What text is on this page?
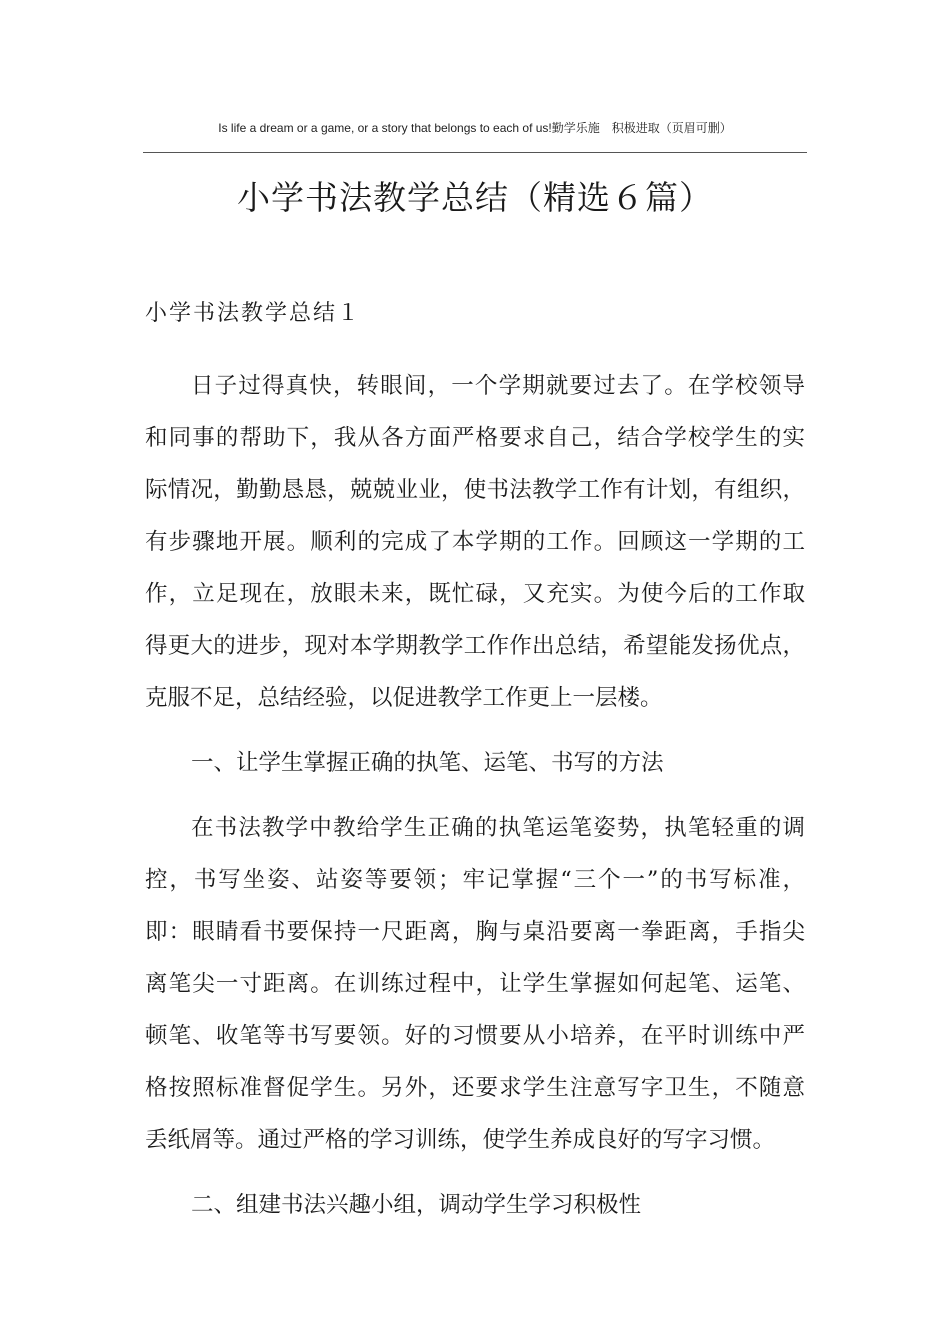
Is life a dream or a game, or a story that belongs to each of us!勤学乐施　积极进取（页眉可删）
小学书法教学总结（精选６篇）
小学书法教学总结１
日子过得真快，转眼间，一个学期就要过去了。在学校领导
和同事的帮助下，我从各方面严格要求自己，结合学校学生的实
际情况，勤勤恳恳，兢兢业业，使书法教学工作有计划，有组织，
有步骤地开展。顺利的完成了本学期的工作。回顾这一学期的工
作，立足现在，放眼未来，既忙碌，又充实。为使今后的工作取
得更大的进步，现对本学期教学工作作出总结，希望能发扬优点，
克服不足，总结经验，以促进教学工作更上一层楼。
一、让学生掌握正确的执笔、运笔、书写的方法
在书法教学中教给学生正确的执笔运笔姿势，执笔轻重的调
控，书写坐姿、站姿等要领；牢记掌握“三个一”的书写标准，
即：眼睛看书要保持一尺距离，胸与桌沿要离一拳距离，手指尖
离笔尖一寸距离。在训练过程中，让学生掌握如何起笔、运笔、
顿笔、收笔等书写要领。好的习惯要从小培养，在平时训练中严
格按照标准督促学生。另外，还要求学生注意写字卫生，不随意
丢纸屑等。通过严格的学习训练，使学生养成良好的写字习惯。
二、组建书法兴趣小组，调动学生学习积极性
